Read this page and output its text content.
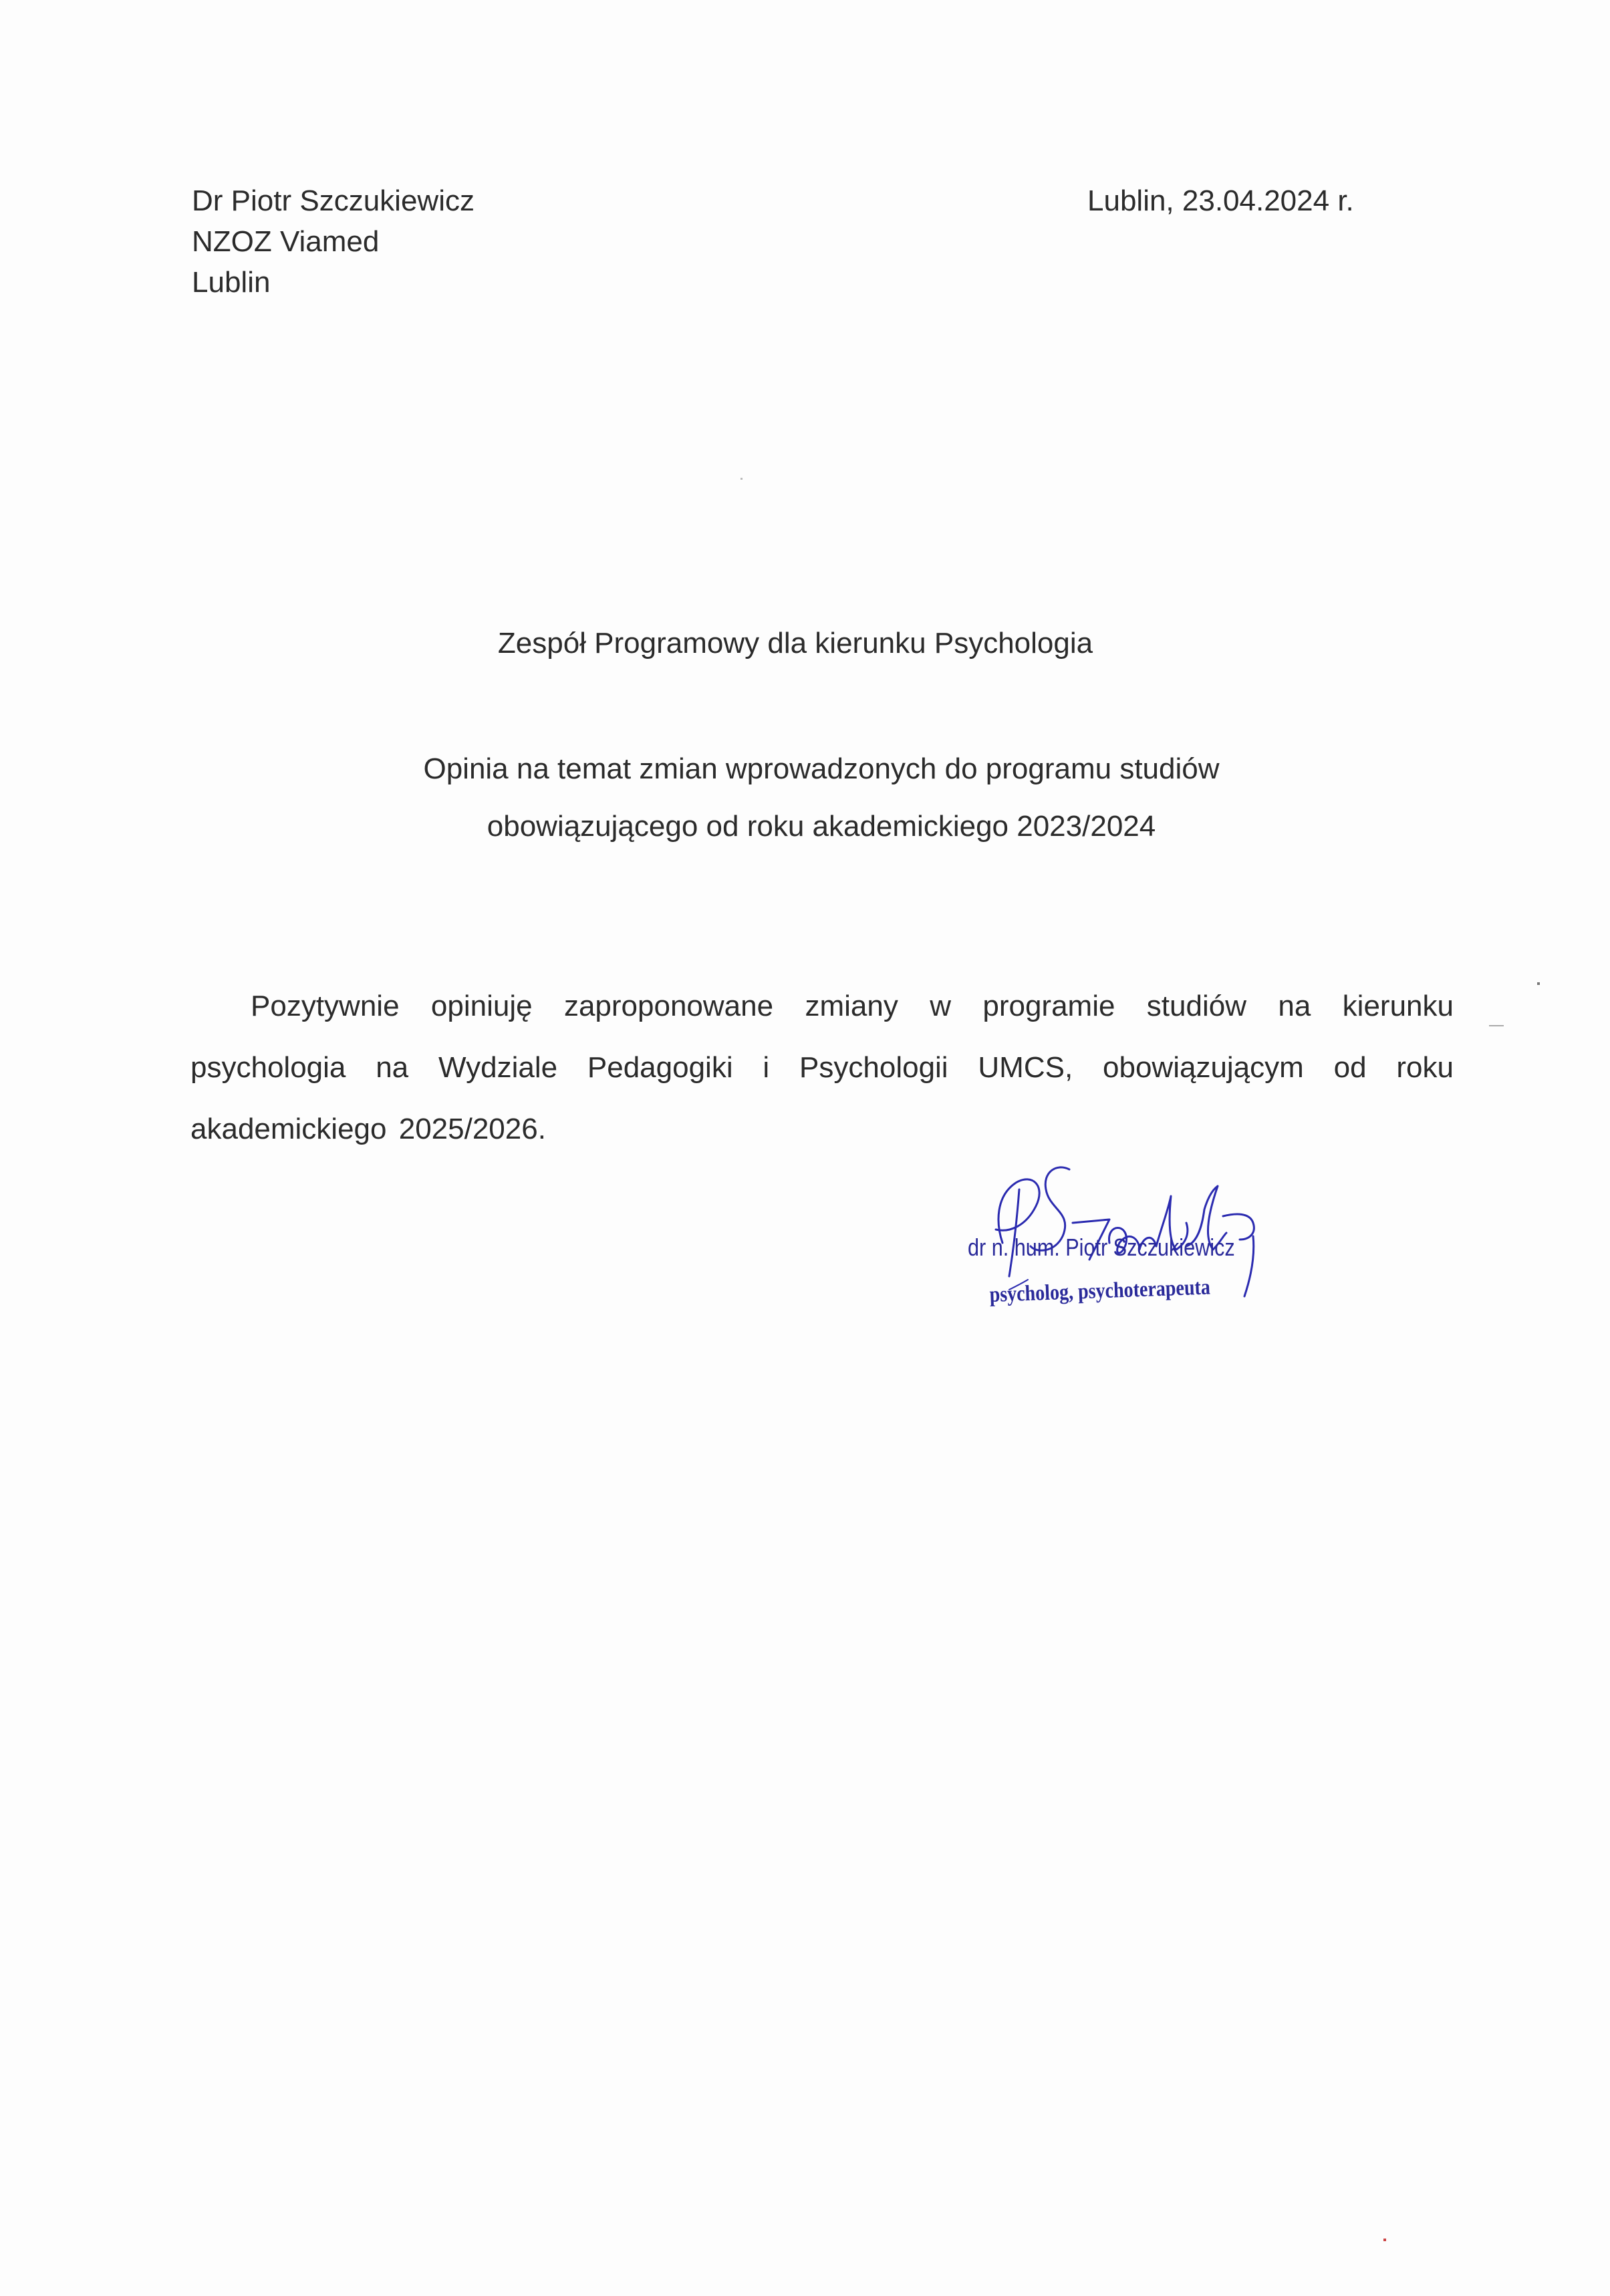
Dr Piotr Szczukiewicz
NZOZ Viamed
Lublin
Lublin, 23.04.2024 r.
Zespół Programowy dla kierunku Psychologia
Opinia na temat zmian wprowadzonych do programu studiów
obowiązującego od roku akademickiego 2023/2024
Pozytywnie opiniuję zaproponowane zmiany w programie studiów na kierunku psychologia na Wydziale Pedagogiki i Psychologii UMCS, obowiązującym od roku akademickiego 2025/2026.
dr n. hum. Piotr Szczukiewicz
psycholog, psychoterapeuta
